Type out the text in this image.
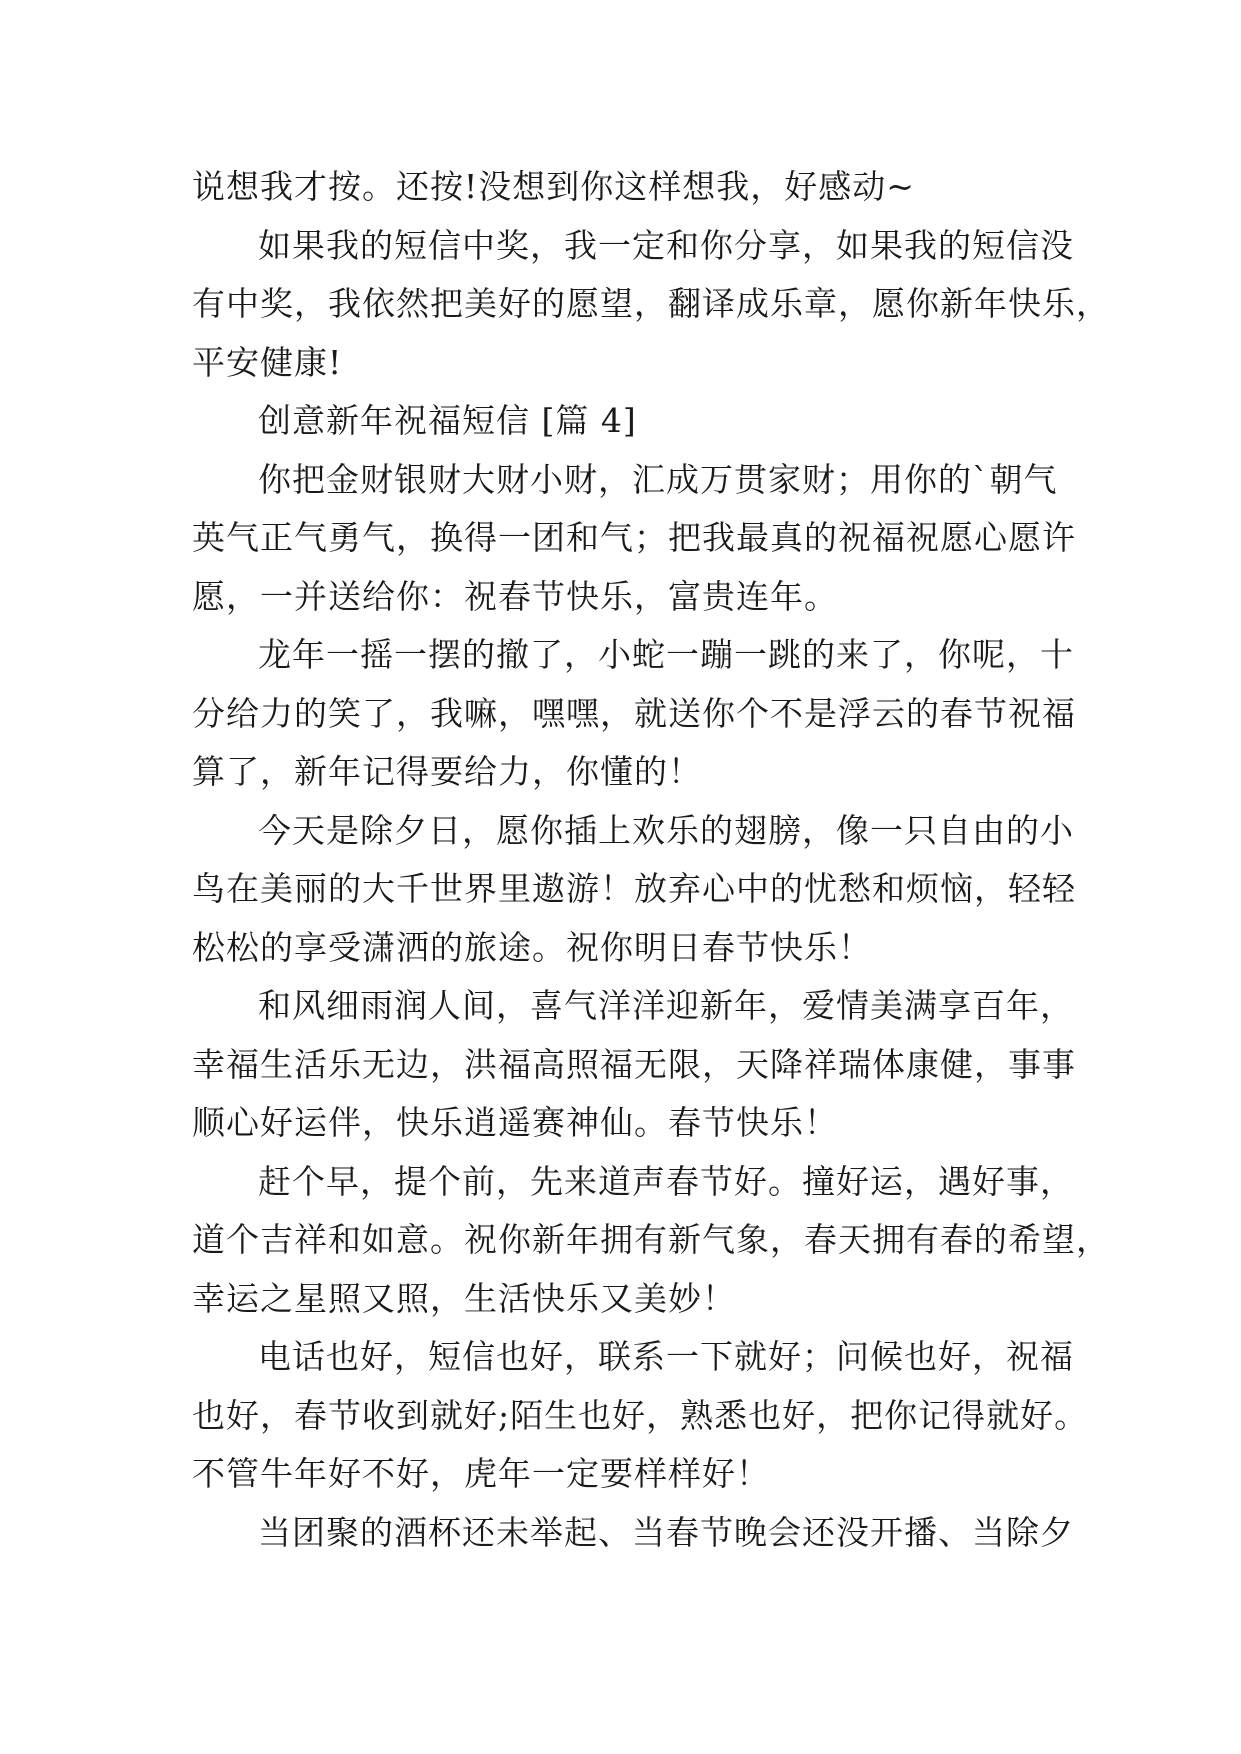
说想我才按。还按!没想到你这样想我，好感动~
如果我的短信中奖，我一定和你分享，如果我的短信没
有中奖，我依然把美好的愿望，翻译成乐章，愿你新年快乐，
平安健康!
创意新年祝福短信 [篇 4]
你把金财银财大财小财，汇成万贯家财；用你的`朝气
英气正气勇气，换得一团和气；把我最真的祝福祝愿心愿许
愿，一并送给你：祝春节快乐，富贵连年。
龙年一摇一摆的撤了，小蛇一蹦一跳的来了，你呢，十
分给力的笑了，我嘛，嘿嘿，就送你个不是浮云的春节祝福
算了，新年记得要给力，你懂的！
今天是除夕日，愿你插上欢乐的翅膀，像一只自由的小
鸟在美丽的大千世界里遨游！放弃心中的忧愁和烦恼，轻轻
松松的享受潇洒的旅途。祝你明日春节快乐！
和风细雨润人间，喜气洋洋迎新年，爱情美满享百年，
幸福生活乐无边，洪福高照福无限，天降祥瑞体康健，事事
顺心好运伴，快乐逍遥赛神仙。春节快乐！
赶个早，提个前，先来道声春节好。撞好运，遇好事，
道个吉祥和如意。祝你新年拥有新气象，春天拥有春的希望，
幸运之星照又照，生活快乐又美妙！
电话也好，短信也好，联系一下就好；问候也好，祝福
也好，春节收到就好;陌生也好，熟悉也好，把你记得就好。
不管牛年好不好，虎年一定要样样好！
当团聚的酒杯还未举起、当春节晚会还没开播、当除夕
